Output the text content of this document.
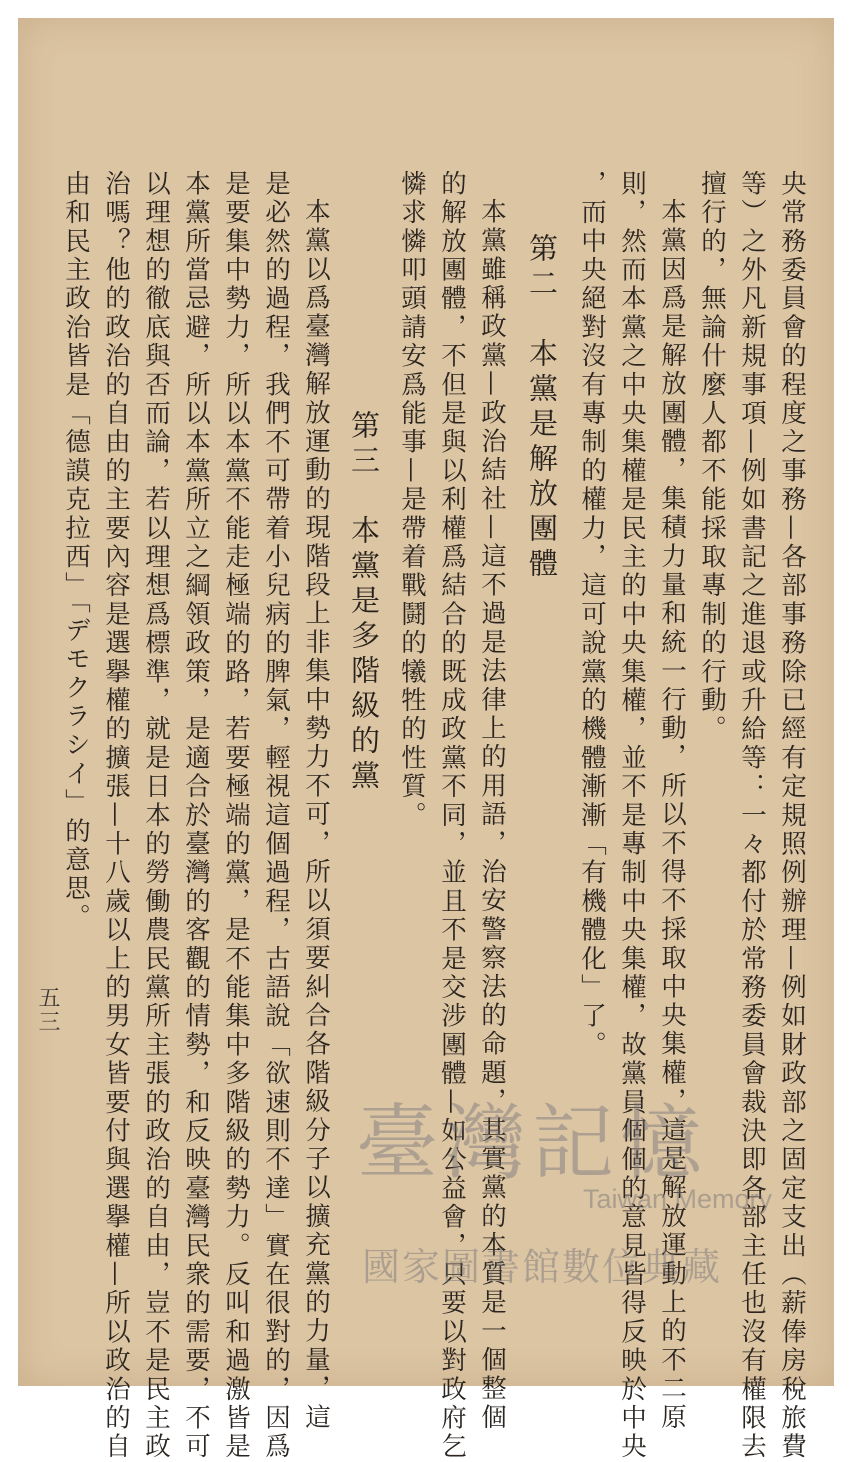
央常務委員會的程度之事務—各部事務除已經有定規照例辦理—例如財政部之固定支出（薪俸房稅旅費
等）之外凡新規事項—例如書記之進退或升給等：一々都付於常務委員會裁決即各部主任也沒有權限去
擅行的，無論什麼人都不能採取專制的行動。
本黨因爲是解放團體，集積力量和統一行動，所以不得不採取中央集權，這是解放運動上的不二原
則，然而本黨之中央集權是民主的中央集權，並不是專制中央集權，故黨員個個的意見皆得反映於中央
，而中央絕對沒有專制的權力，這可說黨的機體漸漸「有機體化」了。
第二　本黨是解放團體
本黨雖稱政黨—政治結社—這不過是法律上的用語，治安警察法的命題，其實黨的本質是一個整個
的解放團體，不但是與以利權爲結合的既成政黨不同，並且不是交涉團體—如公益會，只要以對政府乞
憐求憐叩頭請安爲能事—是帶着戰鬪的犧牲的性質。
第三　本黨是多階級的黨
本黨以爲臺灣解放運動的現階段上非集中勢力不可，所以須要糾合各階級分子以擴充黨的力量，這
是必然的過程，我們不可帶着小兒病的脾氣，輕視這個過程，古語說「欲速則不達」實在很對的，因爲
是要集中勢力，所以本黨不能走極端的路，若要極端的黨，是不能集中多階級的勢力。反叫和過激皆是
本黨所當忌避，所以本黨所立之綱領政策，是適合於臺灣的客觀的情勢，和反映臺灣民衆的需要，不可
以理想的徹底與否而論，若以理想爲標準，就是日本的勞働農民黨所主張的政治的自由，豈不是民主政
治嗎？他的政治的自由的主要內容是選擧權的擴張—十八歲以上的男女皆要付與選擧權—所以政治的自
由和民主政治皆是「德謨克拉西」「デモクラシイ」的意思。
五三
臺灣記憶
Taiwan Memory
國家圖書館數位典藏
